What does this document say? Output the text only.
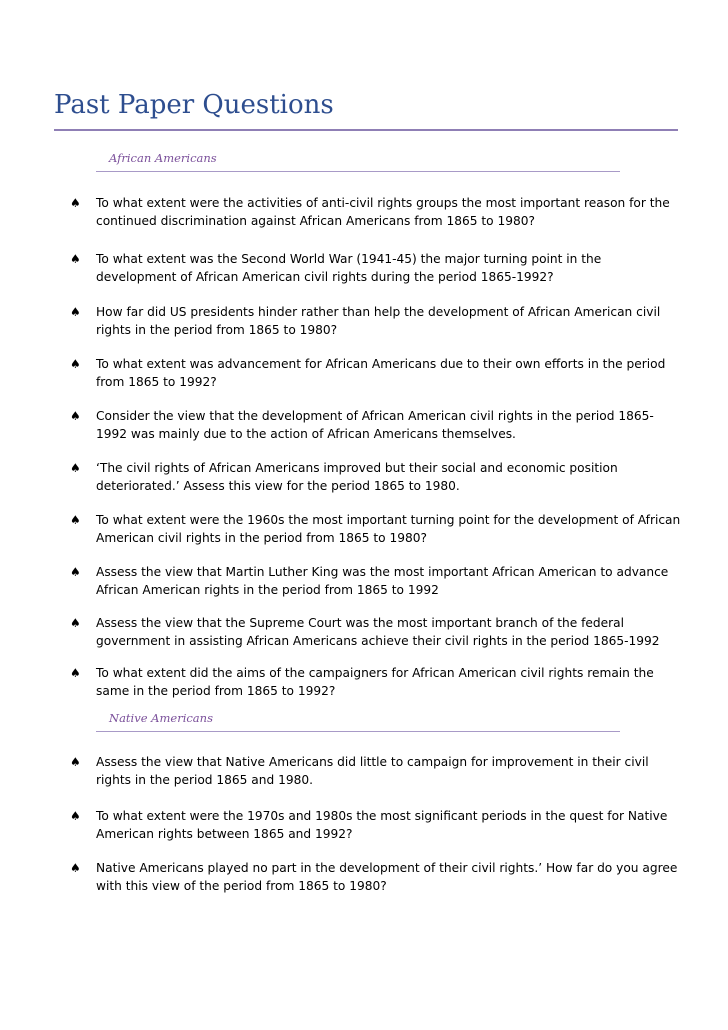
Past Paper Questions
African Americans
♠ To what extent were the activities of anti-civil rights groups the most important reason for the continued discrimination against African Americans from 1865 to 1980?
♠ To what extent was the Second World War (1941-45) the major turning point in the development of African American civil rights during the period 1865-1992?
♠ How far did US presidents hinder rather than help the development of African American civil rights in the period from 1865 to 1980?
♠ To what extent was advancement for African Americans due to their own efforts in the period from 1865 to 1992?
♠ Consider the view that the development of African American civil rights in the period 1865-1992 was mainly due to the action of African Americans themselves.
♠ ‘The civil rights of African Americans improved but their social and economic position deteriorated.’ Assess this view for the period 1865 to 1980.
♠ To what extent were the 1960s the most important turning point for the development of African American civil rights in the period from 1865 to 1980?
♠ Assess the view that Martin Luther King was the most important African American to advance African American rights in the period from 1865 to 1992
♠ Assess the view that the Supreme Court was the most important branch of the federal government in assisting African Americans achieve their civil rights in the period 1865-1992
♠ To what extent did the aims of the campaigners for African American civil rights remain the same in the period from 1865 to 1992?
Native Americans
♠ Assess the view that Native Americans did little to campaign for improvement in their civil rights in the period 1865 and 1980.
♠ To what extent were the 1970s and 1980s the most significant periods in the quest for Native American rights between 1865 and 1992?
♠ Native Americans played no part in the development of their civil rights.’ How far do you agree with this view of the period from 1865 to 1980?
